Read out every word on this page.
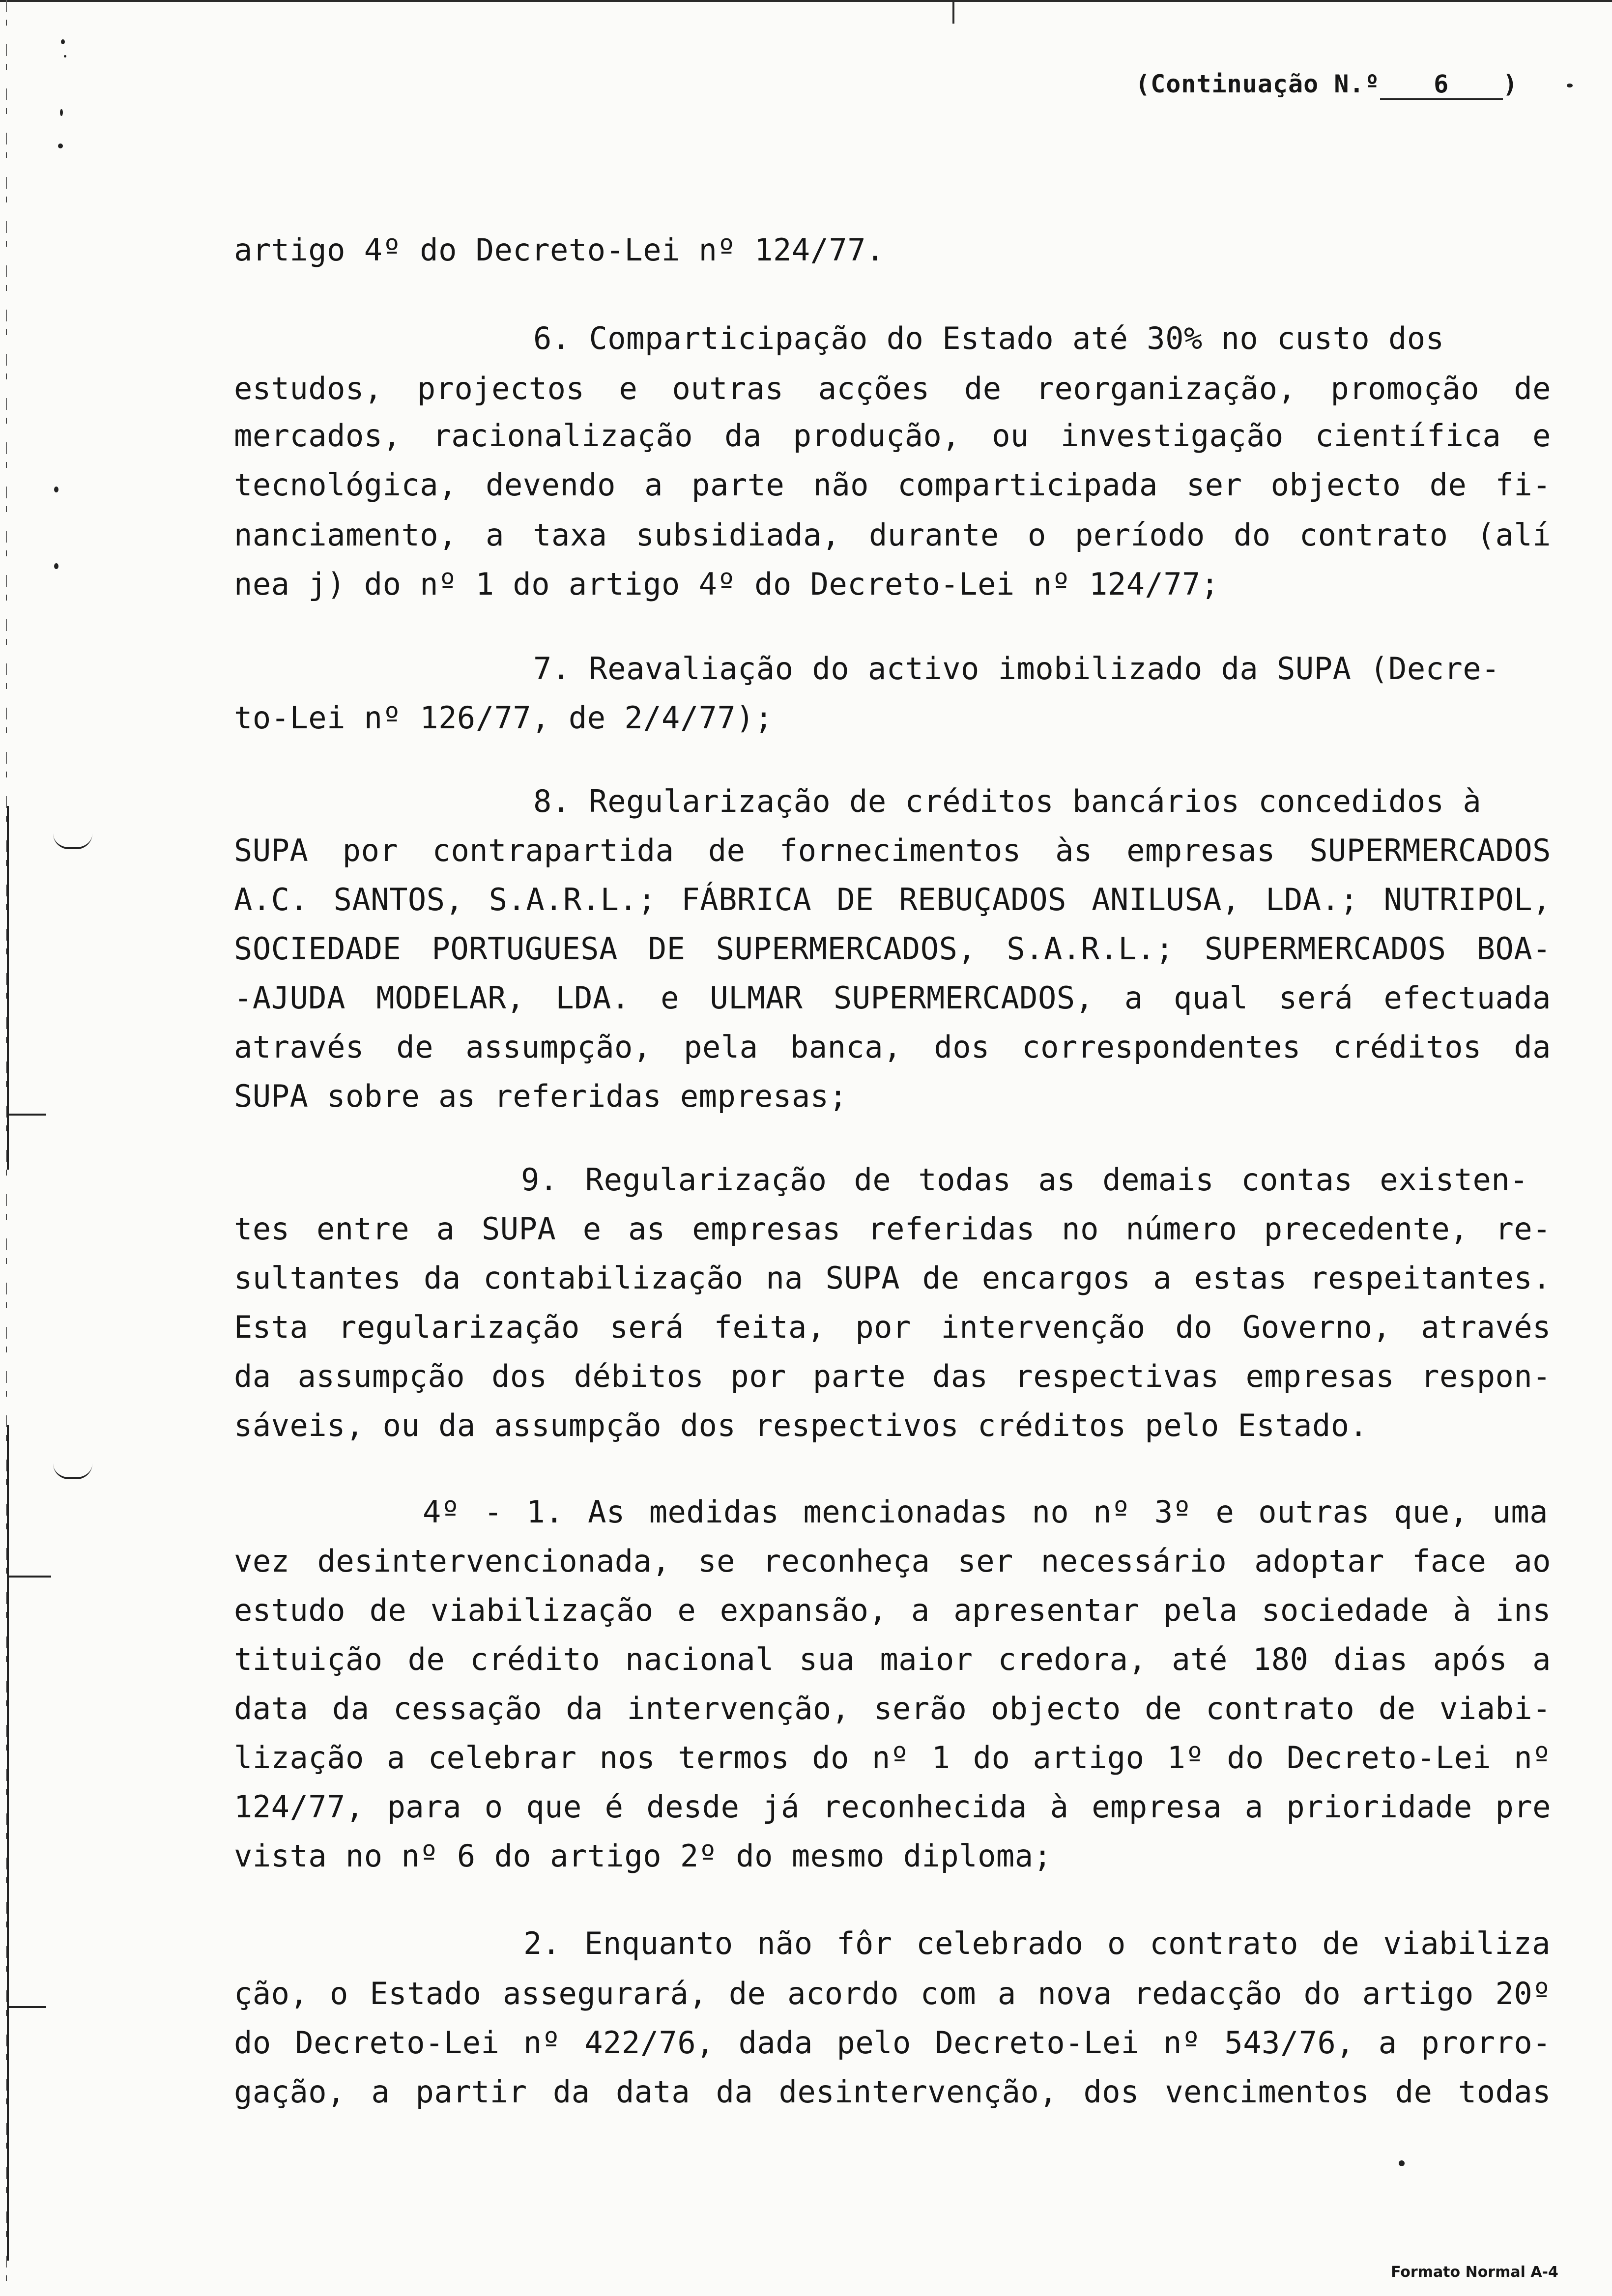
(Continuação N.º 6 )
artigo 4º do Decreto-Lei nº 124/77.
6. Comparticipação do Estado até 30% no custo dos
estudos, projectos e outras acções de reorganização, promoção de
mercados, racionalização da produção, ou investigação científica e
tecnológica, devendo a parte não comparticipada ser objecto de fi-
nanciamento, a taxa subsidiada, durante o período do contrato (alí
nea j) do nº 1 do artigo 4º do Decreto-Lei nº 124/77;
7. Reavaliação do activo imobilizado da SUPA (Decre-
to-Lei nº 126/77, de 2/4/77);
8. Regularização de créditos bancários concedidos à
SUPA por contrapartida de fornecimentos às empresas SUPERMERCADOS
A.C. SANTOS, S.A.R.L.; FÁBRICA DE REBUÇADOS ANILUSA, LDA.; NUTRIPOL,
SOCIEDADE PORTUGUESA DE SUPERMERCADOS, S.A.R.L.; SUPERMERCADOS BOA-
-AJUDA MODELAR, LDA. e ULMAR SUPERMERCADOS, a qual será efectuada
através de assumpção, pela banca, dos correspondentes créditos da
SUPA sobre as referidas empresas;
9. Regularização de todas as demais contas existen-
tes entre a SUPA e as empresas referidas no número precedente, re-
sultantes da contabilização na SUPA de encargos a estas respeitantes.
Esta regularização será feita, por intervenção do Governo, através
da assumpção dos débitos por parte das respectivas empresas respon-
sáveis, ou da assumpção dos respectivos créditos pelo Estado.
4º - 1. As medidas mencionadas no nº 3º e outras que, uma
vez desintervencionada, se reconheça ser necessário adoptar face ao
estudo de viabilização e expansão, a apresentar pela sociedade à ins
tituição de crédito nacional sua maior credora, até 180 dias após a
data da cessação da intervenção, serão objecto de contrato de viabi-
lização a celebrar nos termos do nº 1 do artigo 1º do Decreto-Lei nº
124/77, para o que é desde já reconhecida à empresa a prioridade pre
vista no nº 6 do artigo 2º do mesmo diploma;
2. Enquanto não fôr celebrado o contrato de viabiliza
ção, o Estado assegurará, de acordo com a nova redacção do artigo 20º
do Decreto-Lei nº 422/76, dada pelo Decreto-Lei nº 543/76, a prorro-
gação, a partir da data da desintervenção, dos vencimentos de todas
Formato Normal A-4
